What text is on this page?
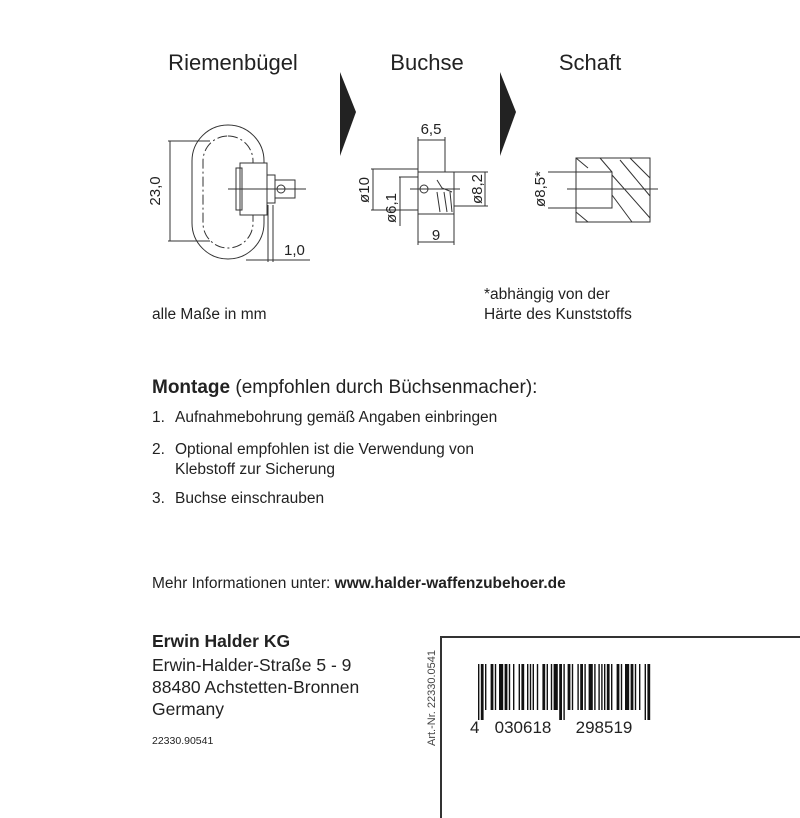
Riemenbügel	Buchse	Schaft
23,0
1,0
6,5
ø10
ø6,1
ø8,2
9
ø8,5*
alle Maße in mm
*abhängig von der
Härte des Kunststoffs
Montage (empfohlen durch Büchsenmacher):
1. Aufnahmebohrung gemäß Angaben einbringen
2. Optional empfohlen ist die Verwendung von
Klebstoff zur Sicherung
3. Buchse einschrauben
Mehr Informationen unter: www.halder-waffenzubehoer.de
Erwin Halder KG
Erwin-Halder-Straße 5 - 9
88480 Achstetten-Bronnen
Germany
22330.90541	Art.-Nr. 22330.0541 4 030618 298519
